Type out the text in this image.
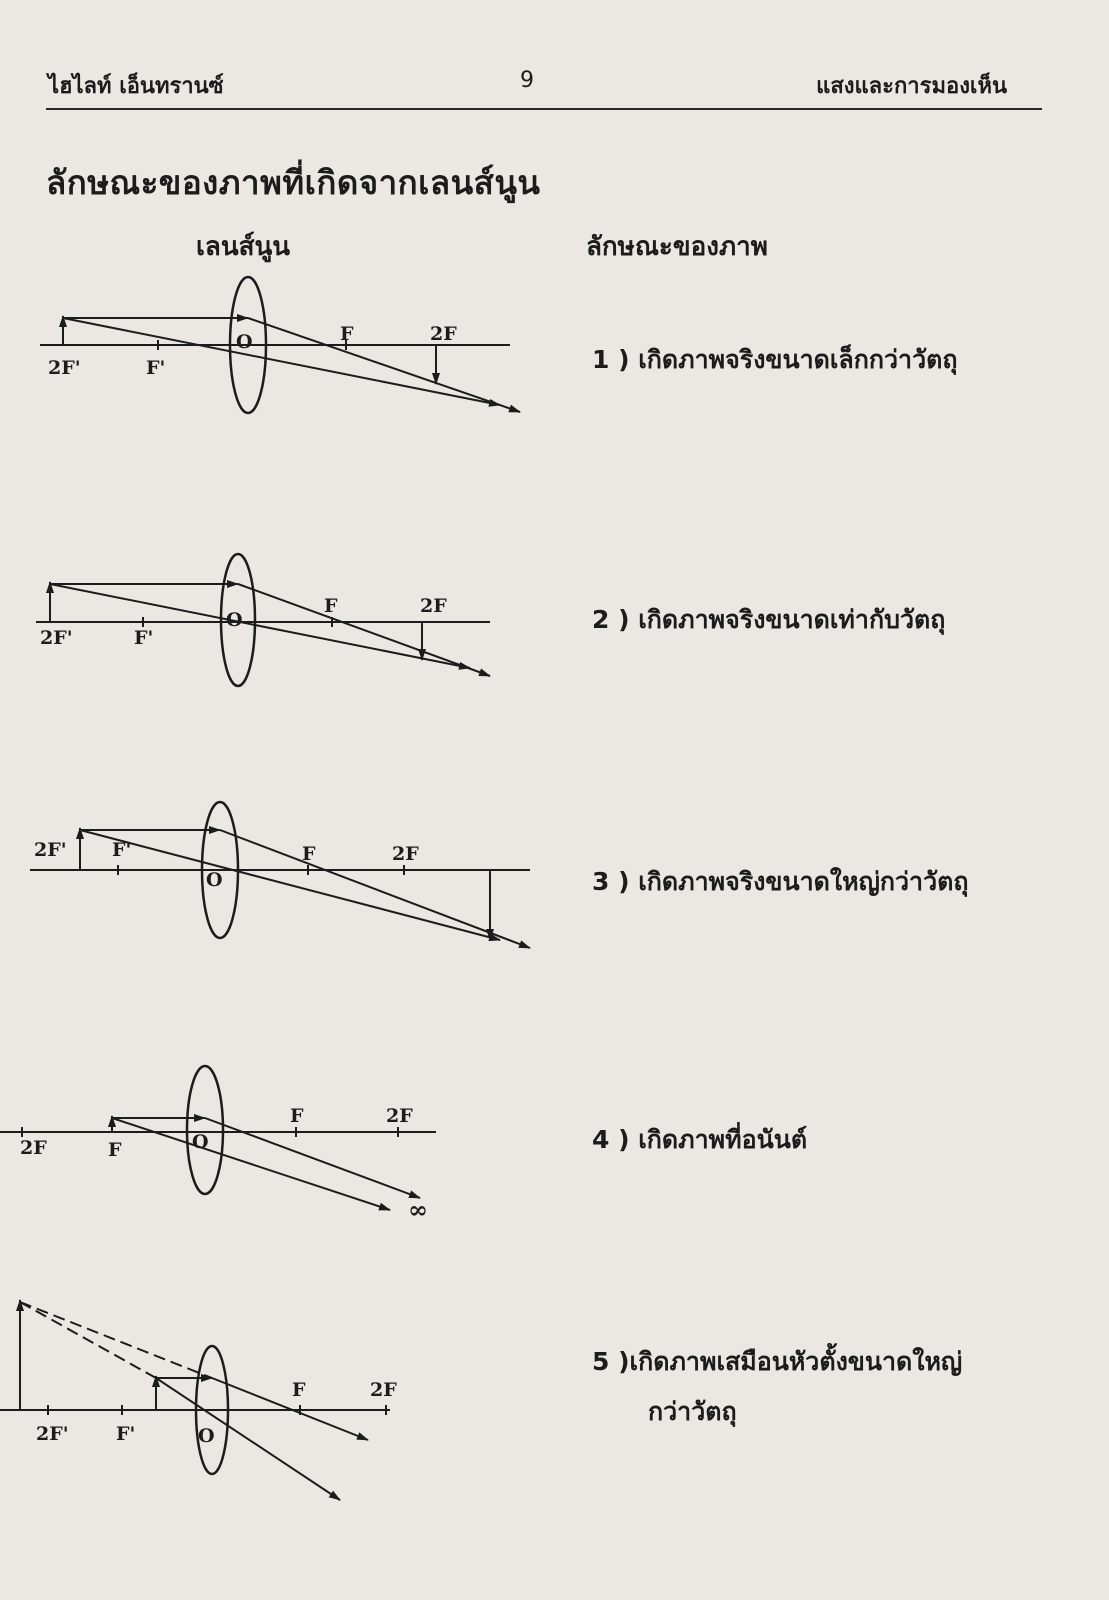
ไฮไลท์ เอ็นทรานซ์	9	แสงและการมองเห็น
ลักษณะของภาพที่เกิดจากเลนส์นูน
เลนส์นูน	ลักษณะของภาพ
1 ) เกิดภาพจริงขนาดเล็กกว่าวัตถุ
2 ) เกิดภาพจริงขนาดเท่ากับวัตถุ
3 ) เกิดภาพจริงขนาดใหญ่กว่าวัตถุ
4 ) เกิดภาพที่อนันต์
5 )เกิดภาพเสมือนหัวตั้งขนาดใหญ่
กว่าวัตถุ
2F'	F'
O	F	2F
2F'	F'
O
F	2F
2F' F'
O
F	2F
2F	F	O
F	2F
∞
2F' F'	O
F	2F
